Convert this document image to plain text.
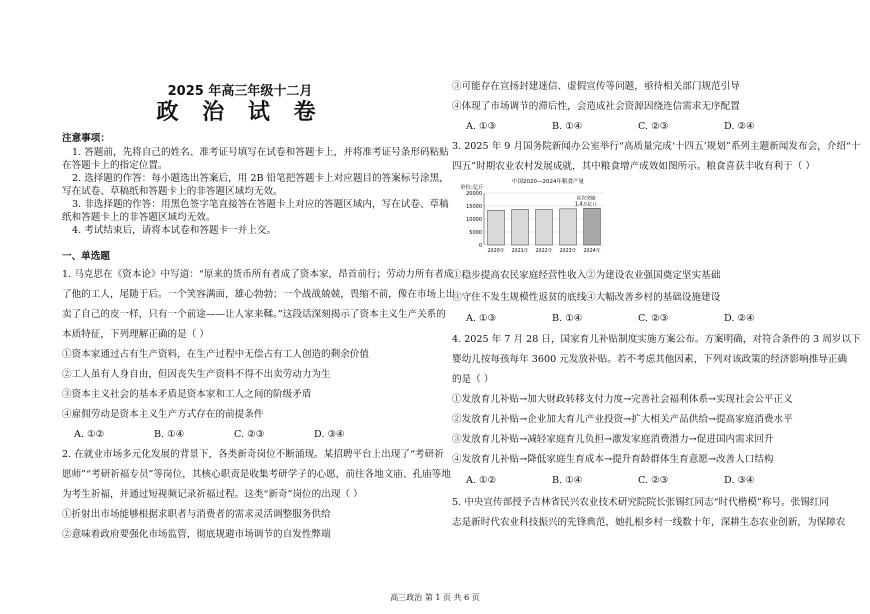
2025 年高三年级十二月
政 治 试 卷
注意事项：
1. 答题前，先将自己的姓名、准考证号填写在试卷和答题卡上，并将准考证号条形码粘贴
在答题卡上的指定位置。
2. 选择题的作答：每小题选出答案后，用 2B 铅笔把答题卡上对应题目的答案标号涂黑，
写在试卷、草稿纸和答题卡上的非答题区域均无效。
3. 非选择题的作答：用黑色签字笔直接答在答题卡上对应的答题区域内，写在试卷、草稿
纸和答题卡上的非答题区域均无效。
4. 考试结束后，请将本试卷和答题卡一并上交。
一、单选题
1. 马克思在《资本论》中写道：“原来的货币所有者成了资本家，昂首前行；劳动力所有者成
了他的工人，尾随于后。一个笑容满面，雄心勃勃；一个战战兢兢，畏缩不前，像在市场上出
卖了自己的皮一样，只有一个前途——让人家来鞣。”这段话深刻揭示了资本主义生产关系的
本质特征，下列理解正确的是（ ）
①资本家通过占有生产资料，在生产过程中无偿占有工人创造的剩余价值
②工人虽有人身自由，但因丧失生产资料不得不出卖劳动力为生
③资本主义社会的基本矛盾是资本家和工人之间的阶级矛盾
④雇佣劳动是资本主义生产方式存在的前提条件
A. ①②	B. ①④	C. ②③	D. ③④
2. 在就业市场多元化发展的背景下，各类新奇岗位不断涌现。某招聘平台上出现了“考研祈
愿师”“考研祈福专员”等岗位，其核心职责是收集考研学子的心愿，前往各地文庙、孔庙等地
为考生祈福，并通过短视频记录祈福过程。这类“新奇”岗位的出现（ ）
①折射出市场能够根据求职者与消费者的需求灵活调整服务供给
②意味着政府要强化市场监管，彻底规避市场调节的自发性弊端
③可能存在宣扬封建迷信、虚假宣传等问题，亟待相关部门规范引导
④体现了市场调节的滞后性，会造成社会资源因绕连信需求无序配置
A. ①③	B. ①④	C. ②③	D. ②④
3. 2025 年 9 月国务院新闻办公室举行“高质量完成‘十四五’规划”系列主题新闻发布会，介绍“十
四五”时期农业农村发展成就，其中粮食增产成效如图所示。粮食喜获丰收有利于（ ）
中国2020—2024年粮食产量
单位:亿斤
20000
15000
10000
5000
0
2020年 2021年 2022年 2023年 2024年
首次突破
1.4万亿斤
①稳步提高农民家庭经营性收入 ②为建设农业强国奠定坚实基础
③守住不发生规模性返贫的底线 ④大幅改善乡村的基础设施建设
A. ①③	B. ①④	C. ②③	D. ②④
4. 2025 年 7 月 28 日，国家育儿补贴制度实施方案公布。方案明确，对符合条件的 3 周岁以下
婴幼儿按每孩每年 3600 元发放补贴。若不考虑其他因素，下列对该政策的经济影响推导正确
的是（ ）
①发放育儿补贴→加大财政转移支付力度→完善社会福利体系→实现社会公平正义
②发放育儿补贴→企业加大育儿产业投资→扩大相关产品供给→提高家庭消费水平
③发放育儿补贴→减轻家庭育儿负担→激发家庭消费潜力→促进国内需求回升
④发放育儿补贴→降低家庭生育成本→提升育龄群体生育意愿→改善人口结构
A. ①②	B. ①④	C. ②③	D. ③④
5. 中央宣传部授予吉林省民兴农业技术研究院院长张锡红同志“时代楷模”称号。张锡红同
志是新时代农业科技振兴的先锋典范，她扎根乡村一线数十年，深耕生态农业创新，为保障农
高三政治 第 1 页 共 6 页
